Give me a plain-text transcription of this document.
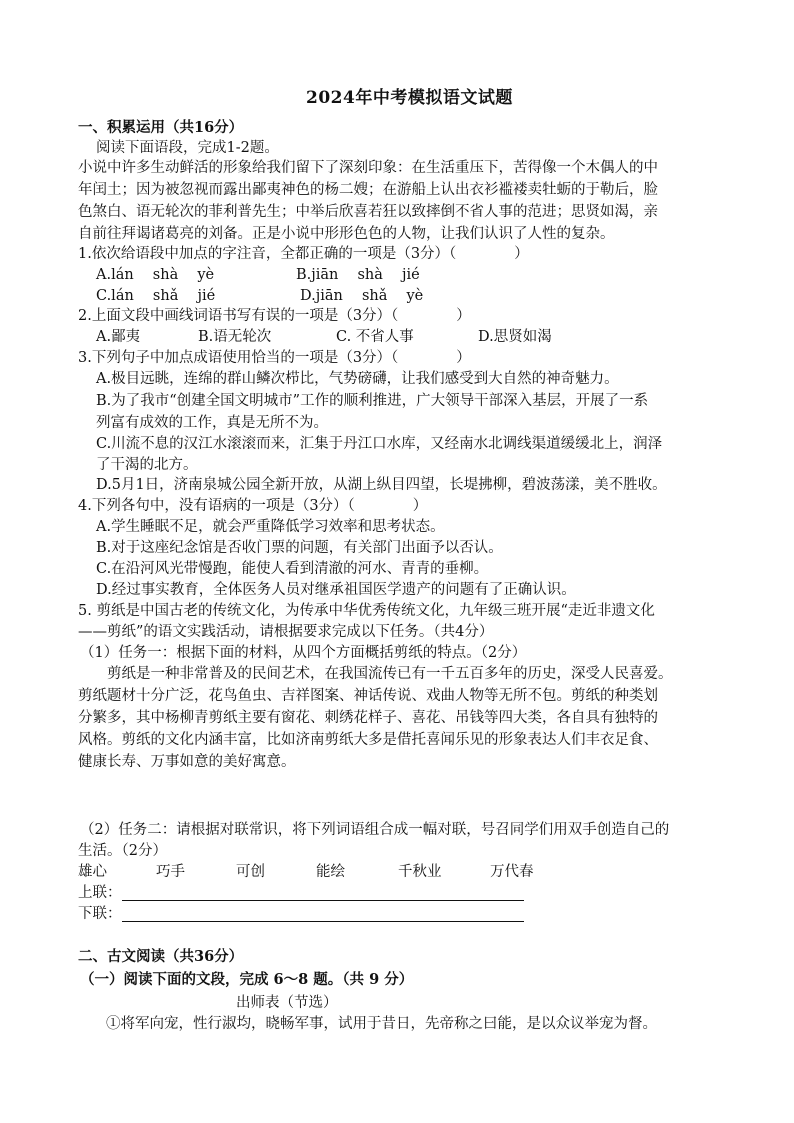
2024年中考模拟语文试题
一、积累运用（共16分）
阅读下面语段，完成1-2题。
小说中许多生动鲜活的形象给我们留下了深刻印象：在生活重压下，苦得像一个木偶人的中
年闰土；因为被忽视而露出鄙夷神色的杨二嫂；在游船上认出衣衫褴褛卖牡蛎的于勒后，脸
色煞白、语无轮次的菲利普先生；中举后欣喜若狂以致摔倒不省人事的范进；思贤如渴，亲
自前往拜谒诸葛亮的刘备。正是小说中形形色色的人物，让我们认识了人性的复杂。
1.依次给语段中加点的字注音，全都正确的一项是（3分）（　　　　）
A.lán　 shà　 yè	B.jiān　 shà　 jié
C.lán　 shǎ　 jié	D.jiān　 shǎ　 yè
2.上面文段中画线词语书写有误的一项是（3分）（　　　　）
A.鄙夷	B.语无轮次	C. 不省人事	D.思贤如渴
3.下列句子中加点成语使用恰当的一项是（3分）（　　　　）
A.极目远眺，连绵的群山鳞次栉比，气势磅礴，让我们感受到大自然的神奇魅力。
B.为了我市“创建全国文明城市”工作的顺利推进，广大领导干部深入基层，开展了一系
列富有成效的工作，真是无所不为。
C.川流不息的汉江水滚滚而来，汇集于丹江口水库，又经南水北调线渠道缓缓北上，润泽
了干渴的北方。
D.5月1日，济南泉城公园全新开放，从湖上纵目四望，长堤拂柳，碧波荡漾，美不胜收。
4.下列各句中，没有语病的一项是（3分）（　　　　）
A.学生睡眠不足，就会严重降低学习效率和思考状态。
B.对于这座纪念馆是否收门票的问题，有关部门出面予以否认。
C.在沿河风光带慢跑，能使人看到清澈的河水、青青的垂柳。
D.经过事实教育，全体医务人员对继承祖国医学遗产的问题有了正确认识。
5. 剪纸是中国古老的传统文化，为传承中华优秀传统文化，九年级三班开展“走近非遗文化
——剪纸”的语文实践活动，请根据要求完成以下任务。（共4分）
（1）任务一：根据下面的材料，从四个方面概括剪纸的特点。（2分）
　　剪纸是一种非常普及的民间艺术，在我国流传已有一千五百多年的历史，深受人民喜爱。
剪纸题材十分广泛，花鸟鱼虫、吉祥图案、神话传说、戏曲人物等无所不包。剪纸的种类划
分繁多，其中杨柳青剪纸主要有窗花、刺绣花样子、喜花、吊钱等四大类，各自具有独特的
风格。剪纸的文化内涵丰富，比如济南剪纸大多是借托喜闻乐见的形象表达人们丰衣足食、
健康长寿、万事如意的美好寓意。
（2）任务二：请根据对联常识，将下列词语组合成一幅对联，号召同学们用双手创造自己的
生活。（2分）
雄心	巧手	可创	能绘	千秋业	万代春
上联：
下联：
二、古文阅读（共36分）
（一）阅读下面的文段，完成 6～8 题。（共 9 分）
出师表（节选）
①将军向宠，性行淑均，晓畅军事，试用于昔日，先帝称之曰能，是以众议举宠为督。
